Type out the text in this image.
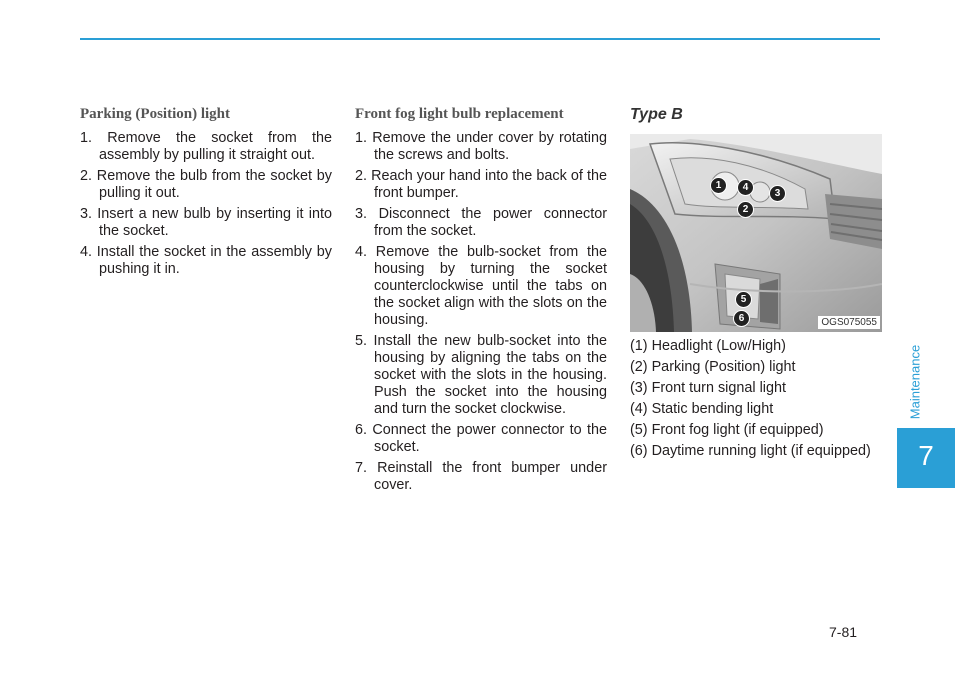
Parking (Position) light
1. Remove the socket from the assembly by pulling it straight out.
2. Remove the bulb from the socket by pulling it out.
3. Insert a new bulb by inserting it into the socket.
4. Install the socket in the assembly by pushing it in.
Front fog light bulb replacement
1. Remove the under cover by rotating the screws and bolts.
2. Reach your hand into the back of the front bumper.
3. Disconnect the power connector from the socket.
4. Remove the bulb-socket from the housing by turning the socket counterclockwise until the tabs on the socket align with the slots on the housing.
5. Install the new bulb-socket into the housing by aligning the tabs on the socket with the slots in the housing. Push the socket into the housing and turn the socket clockwise.
6. Connect the power connector to the socket.
7. Reinstall the front bumper under cover.
Type B
1	4
3
2
5
6	OGS075055
(1) Headlight (Low/High)
(2) Parking (Position) light
(3) Front turn signal light
(4) Static bending light
(5) Front fog light (if equipped)
(6) Daytime running light (if equipped)
Maintenance
7
7-81
